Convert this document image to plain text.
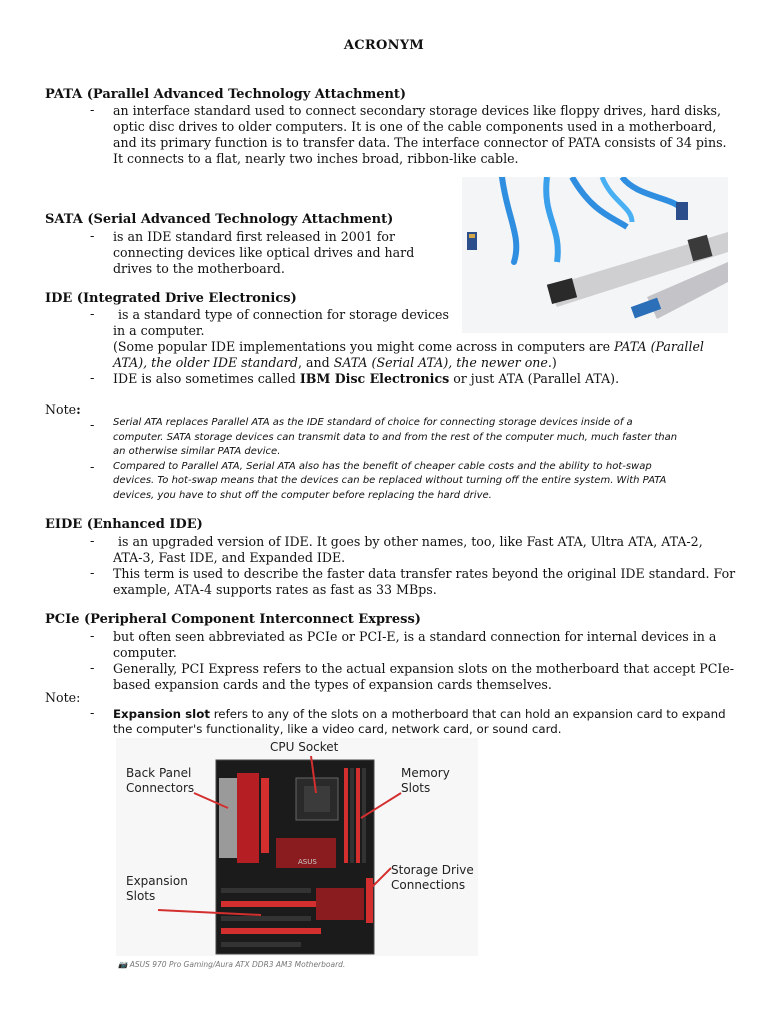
ACRONYM
PATA (Parallel Advanced Technology Attachment)
- an interface standard used to connect secondary storage devices like floppy drives, hard disks,
optic disc drives to older computers. It is one of the cable components used in a motherboard,
and its primary function is to transfer data. The interface connector of PATA consists of 34 pins.
It connects to a flat, nearly two inches broad, ribbon-like cable.
SATA (Serial Advanced Technology Attachment)
- is an IDE standard first released in 2001 for
connecting devices like optical drives and hard
drives to the motherboard.
IDE (Integrated Drive Electronics)
- is a standard type of connection for storage devices
in a computer.
(Some popular IDE implementations you might come across in computers are PATA (Parallel
ATA), the older IDE standard, and SATA (Serial ATA), the newer one.)
- IDE is also sometimes called IBM Disc Electronics or just ATA (Parallel ATA).
Note:
- Serial ATA replaces Parallel ATA as the IDE standard of choice for connecting storage devices inside of a
computer. SATA storage devices can transmit data to and from the rest of the computer much, much faster than
an otherwise similar PATA device.
- Compared to Parallel ATA, Serial ATA also has the benefit of cheaper cable costs and the ability to hot-swap
devices. To hot-swap means that the devices can be replaced without turning off the entire system. With PATA
devices, you have to shut off the computer before replacing the hard drive.
EIDE (Enhanced IDE)
- is an upgraded version of IDE. It goes by other names, too, like Fast ATA, Ultra ATA, ATA-2,
ATA-3, Fast IDE, and Expanded IDE.
- This term is used to describe the faster data transfer rates beyond the original IDE standard. For
example, ATA-4 supports rates as fast as 33 MBps.
PCIe (Peripheral Component Interconnect Express)
- but often seen abbreviated as PCIe or PCI-E, is a standard connection for internal devices in a
computer.
- Generally, PCI Express refers to the actual expansion slots on the motherboard that accept PCIe-
based expansion cards and the types of expansion cards themselves.
Note:
- Expansion slot refers to any of the slots on a motherboard that can hold an expansion card to expand
the computer's functionality, like a video card, network card, or sound card.
CPU Socket
Back Panel
Connectors
Memory
Slots
Storage Drive
Connections
Expansion
Slots
ASUS
📷 ASUS 970 Pro Gaming/Aura ATX DDR3 AM3 Motherboard.
